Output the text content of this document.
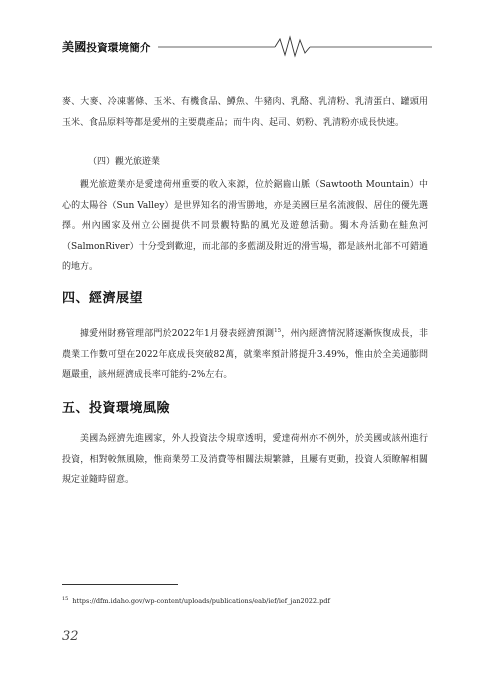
美國投資環境簡介
麥、大麥、冷凍薯條、玉米、有機食品、鱒魚、牛豬肉、乳酪、乳清粉、乳清蛋白、罐頭用玉米、食品原料等都是愛州的主要農產品；而牛肉、起司、奶粉、乳清粉亦成長快速。
（四）觀光旅遊業
觀光旅遊業亦是愛達荷州重要的收入來源，位於鋸齒山脈（Sawtooth Mountain）中心的太陽谷（Sun Valley）是世界知名的滑雪勝地，亦是美國巨星名流渡假、居住的優先選擇。州內國家及州立公園提供不同景觀特點的風光及遊憩活動。獨木舟活動在鮭魚河（SalmonRiver）十分受到歡迎，而北部的多藍湖及附近的滑雪場，都是該州北部不可錯過的地方。
四、經濟展望
據愛州財務管理部門於2022年1月發表經濟預測$^{15}$，州內經濟情況將逐漸恢復成長，非農業工作數可望在2022年底成長突破82萬，就業率預計將提升3.49%，惟由於全美通膨問題嚴重，該州經濟成長率可能約-2%左右。
五、投資環境風險
美國為經濟先進國家，外人投資法令規章透明，愛達荷州亦不例外，於美國或該州進行投資，相對較無風險，惟商業勞工及消費等相關法規繁雜，且屢有更動，投資人須瞭解相關規定並隨時留意。
$^{15}$ https://dfm.idaho.gov/wp-content/uploads/publications/eab/ief/ief_jan2022.pdf
32
